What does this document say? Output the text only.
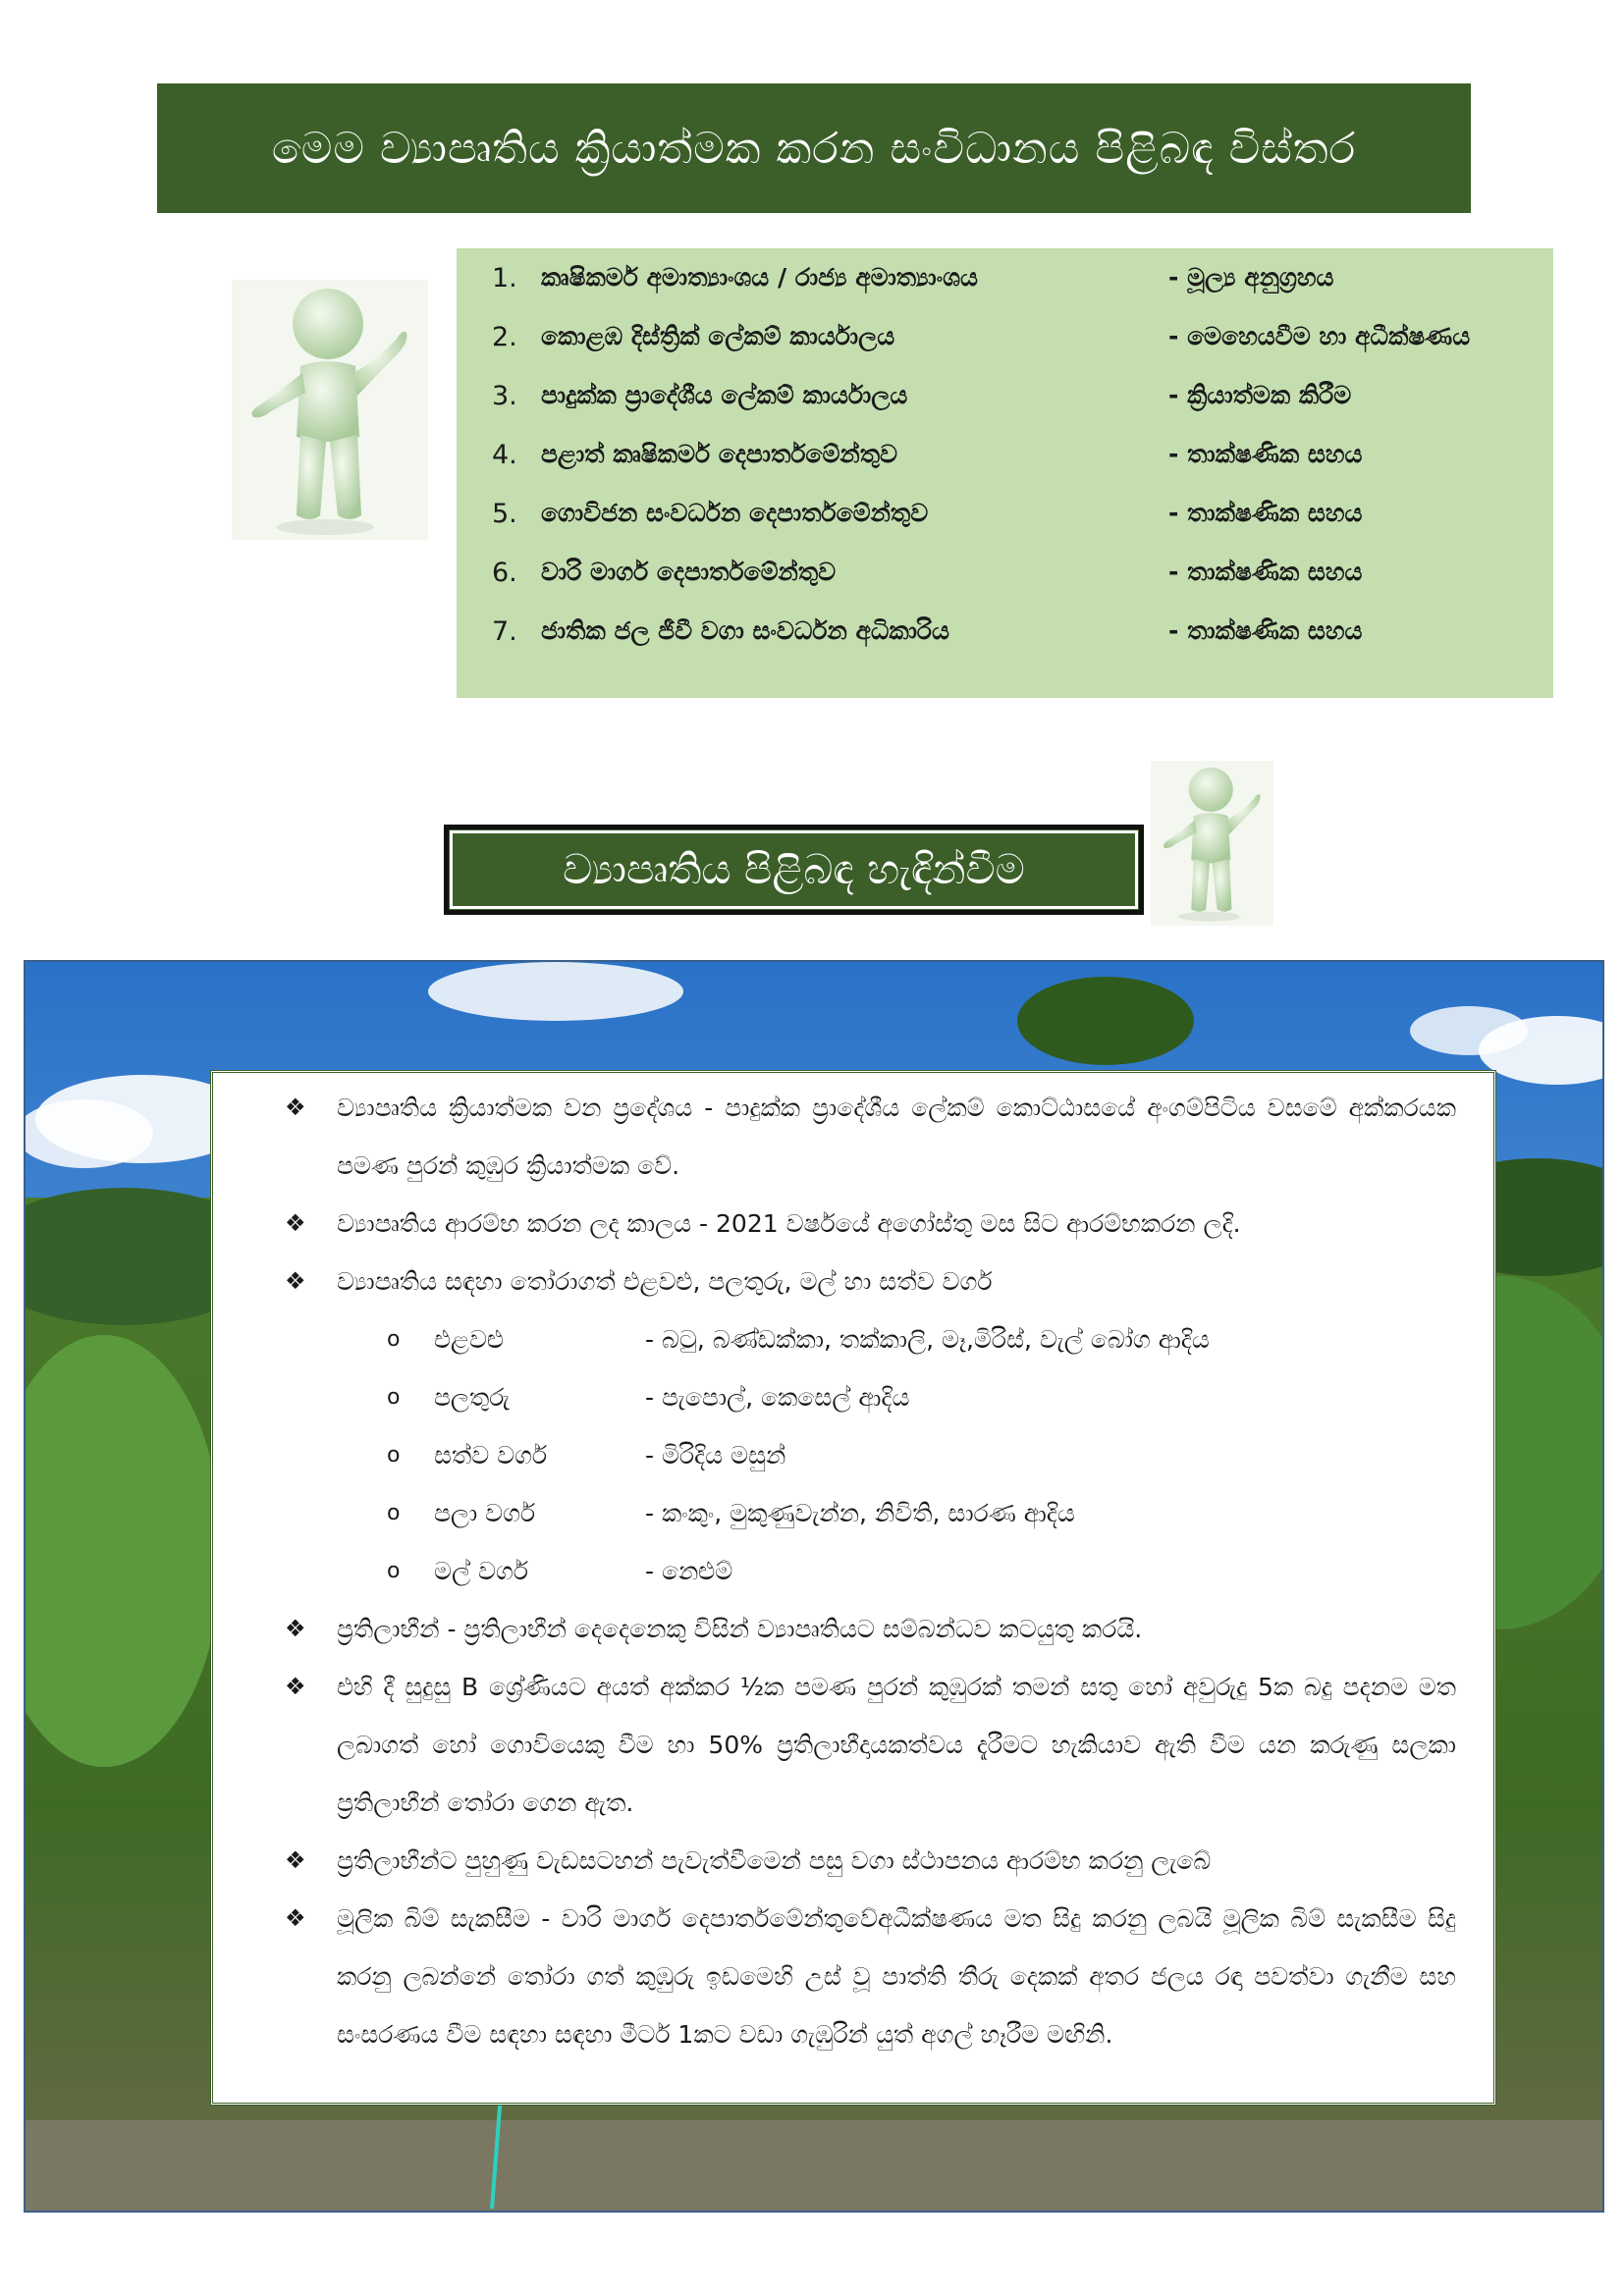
මෙම ව්‍යාපෘතිය ක්‍රියාත්මක කරන සංවිධානය පිළිබඳ විස්තර
1. කෘෂිකර්ම අමාත්‍යාංශය / රාජ්‍ය අමාත්‍යාංශය	- මූල්‍ය අනුග්‍රහය
2. කොළඹ දිස්ත්‍රික් ලේකම් කාර්යාලය	- මෙහෙයවීම හා අධීක්ෂණය
3. පාදුක්ක ප්‍රාදේශීය ලේකම් කාර්යාලය	- ක්‍රියාත්මක කිරීම
4. පළාත් කෘෂිකර්ම දෙපාර්තමේන්තුව	- තාක්ෂණික සහය
5. ගොවිජන සංවර්ධන දෙපාර්තමේන්තුව	- තාක්ෂණික සහය
6. වාරි මාර්ග දෙපාර්තමේන්තුව	- තාක්ෂණික සහය
7. ජාතික ජල ජීවී වගා සංවර්ධන අධිකාරිය	- තාක්ෂණික සහය
ව්‍යාපෘතිය පිළිබඳ හැඳින්වීම
❖ ව්‍යාපෘතිය ක්‍රියාත්මක වන ප්‍රදේශය - පාදුක්ක ප්‍රාදේශීය ලේකම් කොට්ඨාසයේ අංගම්පිටිය වසමේ අක්කරයක පමණ පුරන් කුඹුර ක්‍රියාත්මක වේ.
❖ ව්‍යාපෘතිය ආරම්භ කරන ලද කාලය - 2021 වර්ෂයේ අගෝස්තු මස සිට ආරම්භකරන ලදි.
❖ ව්‍යාපෘතිය සඳහා තෝරාගත් එළවළු, පලතුරු, මල් හා සත්ව වර්ග
o එළවළු	- බටු, බණ්ඩක්කා, තක්කාලි, මෑ,මිරිස්, වැල් බෝග ආදිය
o පලතුරු	- පැපොල්, කෙසෙල් ආදිය
o සත්ව වර්ග	- මිරිදිය මසුන්
o පලා වර්ග	- කංකුං, මුකුණුවැන්න, නිවිති, සාරණ ආදිය
o මල් වර්ග	- නෙළුම්
❖ ප්‍රතිලාභීන් - ප්‍රතිලාභීන් දෙදෙනෙකු විසින් ව්‍යාපෘතියට සම්බන්ධව කටයුතු කරයි.
❖ එහි දී සුදුසු B ශ්‍රේණියට අයත් අක්කර ½ක පමණ පුරන් කුඹුරක් තමන් සතු හෝ අවුරුදු 5ක බදු පදනම මත ලබාගත් හෝ ගොවියෙකු වීම හා 50% ප්‍රතිලාභීදායකත්වය දැරීමට හැකියාව ඇති වීම යන කරුණු සලකා ප්‍රතිලාභීන් තෝරා ගෙන ඇත.
❖ ප්‍රතිලාභීන්ට පුහුණු වැඩසටහන් පැවැත්වීමෙන් පසු වගා ස්ථාපනය ආරම්භ කරනු ලැබේ
❖ මූලික බිම් සැකසීම - වාරි මාර්ග දෙපාර්තමේන්තුවේඅධීක්ෂණය මත සිදු කරනු ලබයි මූලික බිම් සැකසීම සිදු කරනු ලබන්නේ තෝරා ගත් කුඹුරු ඉඩමෙහි උස් වූ පාත්ති තීරු දෙකක් අතර ජලය රඳා පවත්වා ගැනීම සහ සංසරණය වීම සඳහා සඳහා මීටර් 1කට වඩා ගැඹුරින් යුත් අගල් හෑරීම මඟිනි.
